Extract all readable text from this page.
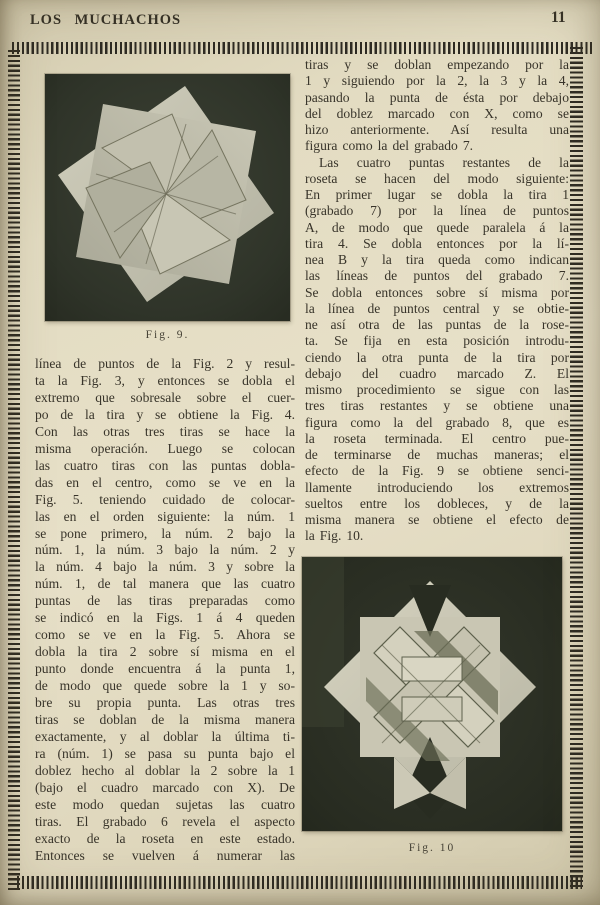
LOS MUCHACHOS	11
Fig. 9.
Fig. 10
línea de puntos de la Fig. 2 y resul-
ta la Fig. 3, y entonces se dobla el
extremo que sobresale sobre el cuer-
po de la tira y se obtiene la Fig. 4.
Con las otras tres tiras se hace la
misma operación. Luego se colocan
las cuatro tiras con las puntas dobla-
das en el centro, como se ve en la
Fig. 5. teniendo cuidado de colocar-
las en el orden siguiente: la núm. 1
se pone primero, la núm. 2 bajo la
núm. 1, la núm. 3 bajo la núm. 2 y
la núm. 4 bajo la núm. 3 y sobre la
núm. 1, de tal manera que las cuatro
puntas de las tiras preparadas como
se indicó en la Figs. 1 á 4 queden
como se ve en la Fig. 5. Ahora se
dobla la tira 2 sobre sí misma en el
punto donde encuentra á la punta 1,
de modo que quede sobre la 1 y so-
bre su propia punta. Las otras tres
tiras se doblan de la misma manera
exactamente, y al doblar la última ti-
ra (núm. 1) se pasa su punta bajo el
doblez hecho al doblar la 2 sobre la 1
(bajo el cuadro marcado con X). De
este modo quedan sujetas las cuatro
tiras. El grabado 6 revela el aspecto
exacto de la roseta en este estado.
Entonces se vuelven á numerar las
tiras y se doblan empezando por la
1 y siguiendo por la 2, la 3 y la 4,
pasando la punta de ésta por debajo
del doblez marcado con X, como se
hizo anteriormente. Así resulta una
figura como la del grabado 7.
Las cuatro puntas restantes de la
roseta se hacen del modo siguiente:
En primer lugar se dobla la tira 1
(grabado 7) por la línea de puntos
A, de modo que quede paralela á la
tira 4. Se dobla entonces por la lí-
nea B y la tira queda como indican
las líneas de puntos del grabado 7.
Se dobla entonces sobre sí misma por
la línea de puntos central y se obtie-
ne así otra de las puntas de la rose-
ta. Se fija en esta posición introdu-
ciendo la otra punta de la tira por
debajo del cuadro marcado Z. El
mismo procedimiento se sigue con las
tres tiras restantes y se obtiene una
figura como la del grabado 8, que es
la roseta terminada. El centro pue-
de terminarse de muchas maneras; el
efecto de la Fig. 9 se obtiene senci-
llamente introduciendo los extremos
sueltos entre los dobleces, y de la
misma manera se obtiene el efecto de
la Fig. 10.
